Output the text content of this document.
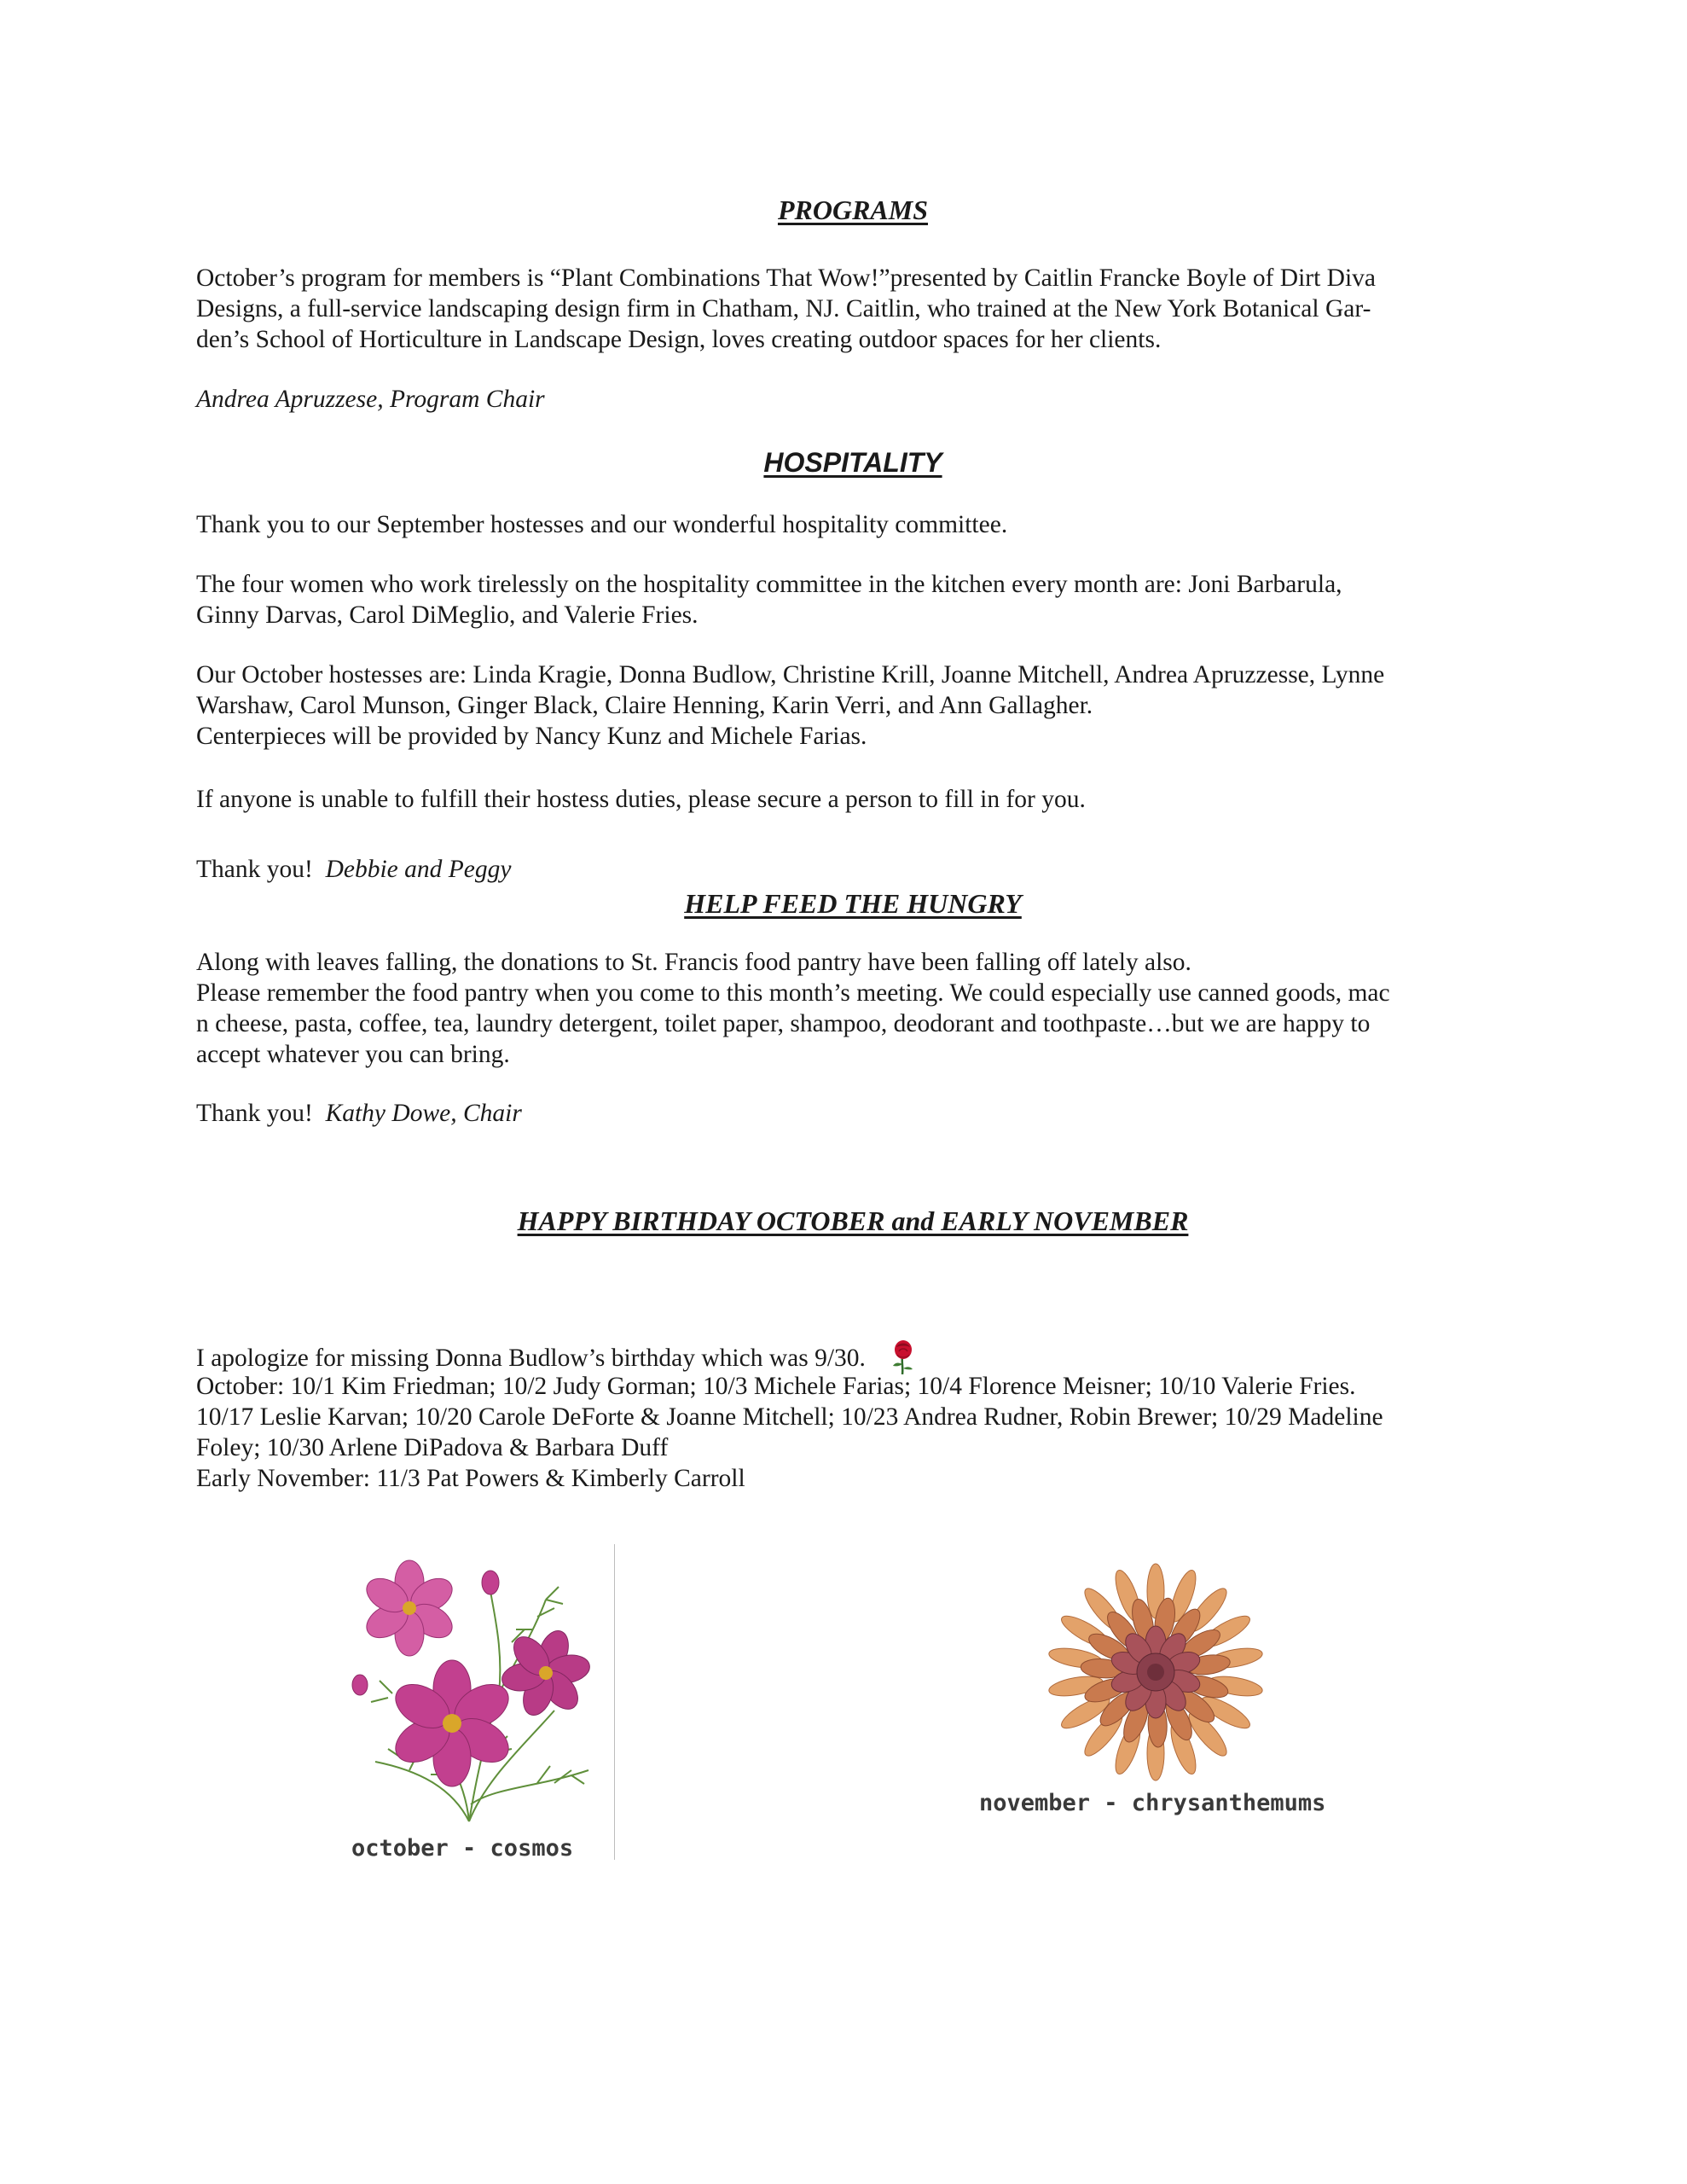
PROGRAMS

October’s program for members is “Plant Combinations That Wow!”presented by Caitlin Francke Boyle of Dirt Diva

Designs, a full-service landscaping design firm in Chatham, NJ. Caitlin, who trained at the New York Botanical Gar-

den’s School of Horticulture in Landscape Design, loves creating outdoor spaces for her clients.

Andrea Apruzzese, Program Chair
HOSPITALITY
Thank you to our September hostesses and our wonderful hospitality committee.

The four women who work tirelessly on the hospitality committee in the kitchen every month are: Joni Barbarula,

Ginny Darvas, Carol DiMeglio, and Valerie Fries.

Our October hostesses are: Linda Kragie, Donna Budlow, Christine Krill, Joanne Mitchell, Andrea Apruzzesse, Lynne

Warshaw, Carol Munson, Ginger Black, Claire Henning, Karin Verri, and Ann Gallagher.

Centerpieces will be provided by Nancy Kunz and Michele Farias.

If anyone is unable to fulfill their hostess duties, please secure a person to fill in for you.
Thank you!  Debbie and Peggy
HELP FEED THE HUNGRY

Along with leaves falling, the donations to St. Francis food pantry have been falling off lately also.

Please remember the food pantry when you come to this month’s meeting. We could especially use canned goods, mac

n cheese, pasta, coffee, tea, laundry detergent, toilet paper, shampoo, deodorant and toothpaste…but we are happy to

accept whatever you can bring.

Thank you!  Kathy Dowe, Chair
HAPPY BIRTHDAY OCTOBER and EARLY NOVEMBER
I apologize for missing Donna Budlow’s birthday which was 9/30.

October: 10/1 Kim Friedman; 10/2 Judy Gorman; 10/3 Michele Farias; 10/4 Florence Meisner; 10/10 Valerie Fries.

10/17 Leslie Karvan; 10/20 Carole DeForte & Joanne Mitchell; 10/23 Andrea Rudner, Robin Brewer; 10/29 Madeline

Foley; 10/30 Arlene DiPadova & Barbara Duff

Early November: 11/3 Pat Powers & Kimberly Carroll

october - cosmos
november - chrysanthemums
